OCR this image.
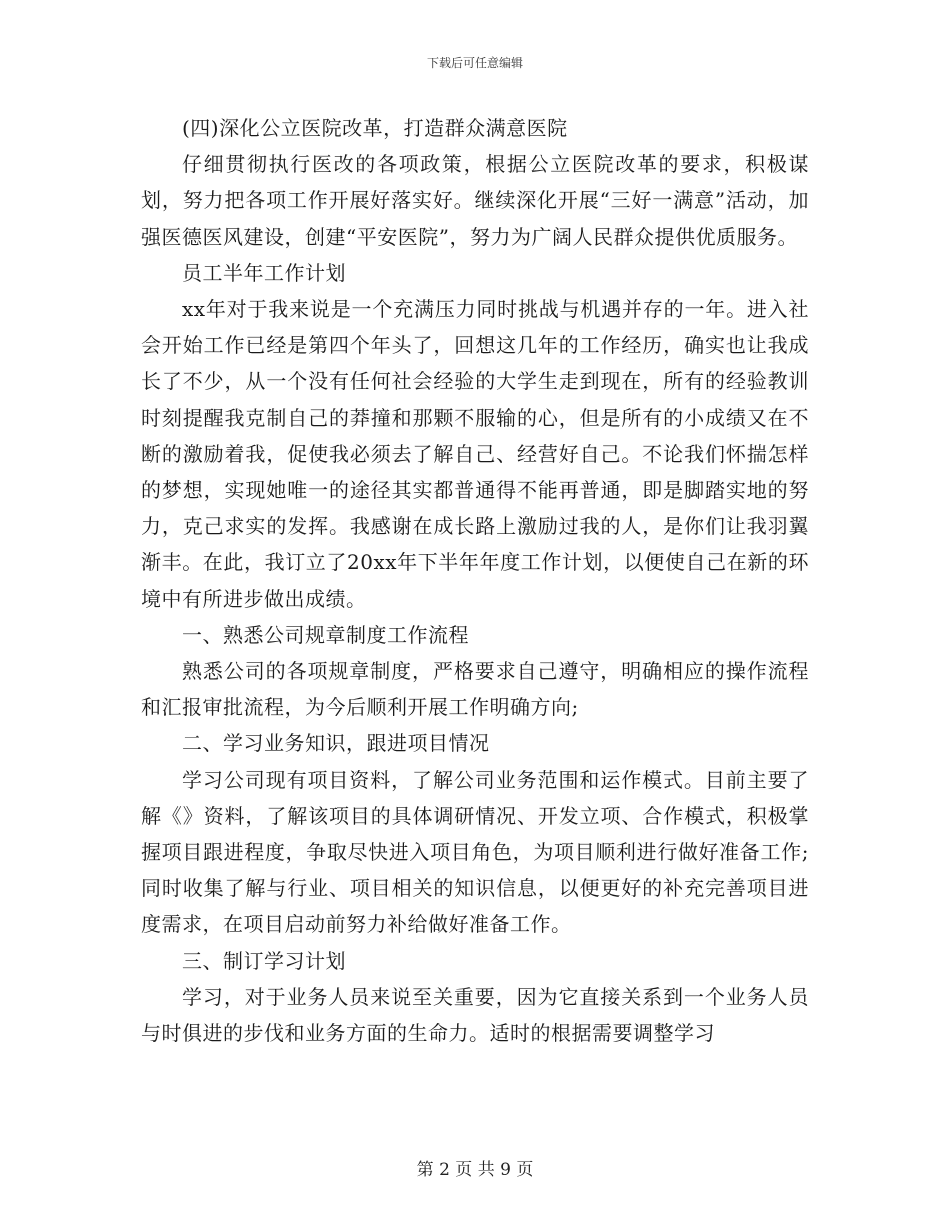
下载后可任意编辑

(四)深化公立医院改革，打造群众满意医院

仔细贯彻执行医改的各项政策，根据公立医院改革的要求，积极谋划，努力把各项工作开展好落实好。继续深化开展“三好一满意”活动，加强医德医风建设，创建“平安医院”，努力为广阔人民群众提供优质服务。

员工半年工作计划

xx年对于我来说是一个充满压力同时挑战与机遇并存的一年。进入社会开始工作已经是第四个年头了，回想这几年的工作经历，确实也让我成长了不少，从一个没有任何社会经验的大学生走到现在，所有的经验教训时刻提醒我克制自己的莽撞和那颗不服输的心，但是所有的小成绩又在不断的激励着我，促使我必须去了解自己、经营好自己。不论我们怀揣怎样的梦想，实现她唯一的途径其实都普通得不能再普通，即是脚踏实地的努力，克己求实的发挥。我感谢在成长路上激励过我的人，是你们让我羽翼渐丰。在此，我订立了20xx年下半年年度工作计划，以便使自己在新的环境中有所进步做出成绩。

一、熟悉公司规章制度工作流程

熟悉公司的各项规章制度，严格要求自己遵守，明确相应的操作流程和汇报审批流程，为今后顺利开展工作明确方向;

二、学习业务知识，跟进项目情况

学习公司现有项目资料，了解公司业务范围和运作模式。目前主要了解《》资料，了解该项目的具体调研情况、开发立项、合作模式，积极掌握项目跟进程度，争取尽快进入项目角色，为项目顺利进行做好准备工作;同时收集了解与行业、项目相关的知识信息，以便更好的补充完善项目进度需求，在项目启动前努力补给做好准备工作。

三、制订学习计划

学习，对于业务人员来说至关重要，因为它直接关系到一个业务人员与时俱进的步伐和业务方面的生命力。适时的根据需要调整学习

第 2 页 共 9 页
